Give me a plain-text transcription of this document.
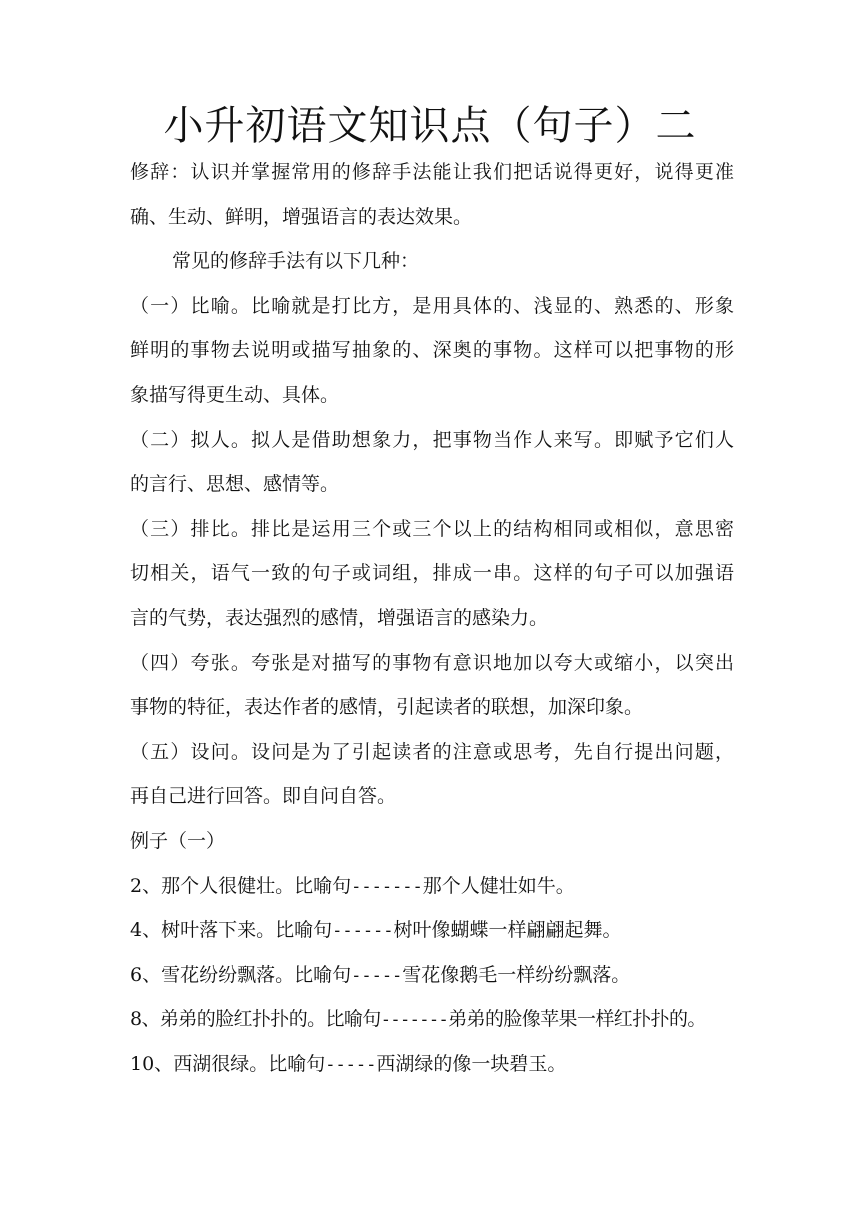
小升初语文知识点（句子）二
修辞：认识并掌握常用的修辞手法能让我们把话说得更好，说得更准
确、生动、鲜明，增强语言的表达效果。
常见的修辞手法有以下几种：
（一）比喻。比喻就是打比方，是用具体的、浅显的、熟悉的、形象
鲜明的事物去说明或描写抽象的、深奥的事物。这样可以把事物的形
象描写得更生动、具体。
（二）拟人。拟人是借助想象力，把事物当作人来写。即赋予它们人
的言行、思想、感情等。
（三）排比。排比是运用三个或三个以上的结构相同或相似，意思密
切相关，语气一致的句子或词组，排成一串。这样的句子可以加强语
言的气势，表达强烈的感情，增强语言的感染力。
（四）夸张。夸张是对描写的事物有意识地加以夸大或缩小，以突出
事物的特征，表达作者的感情，引起读者的联想，加深印象。
（五）设问。设问是为了引起读者的注意或思考，先自行提出问题，
再自己进行回答。即自问自答。
例子（一）
2、那个人很健壮。比喻句-------那个人健壮如牛。
4、树叶落下来。比喻句------树叶像蝴蝶一样翩翩起舞。
6、雪花纷纷飘落。比喻句-----雪花像鹅毛一样纷纷飘落。
8、弟弟的脸红扑扑的。比喻句-------弟弟的脸像苹果一样红扑扑的。
10、西湖很绿。比喻句-----西湖绿的像一块碧玉。
